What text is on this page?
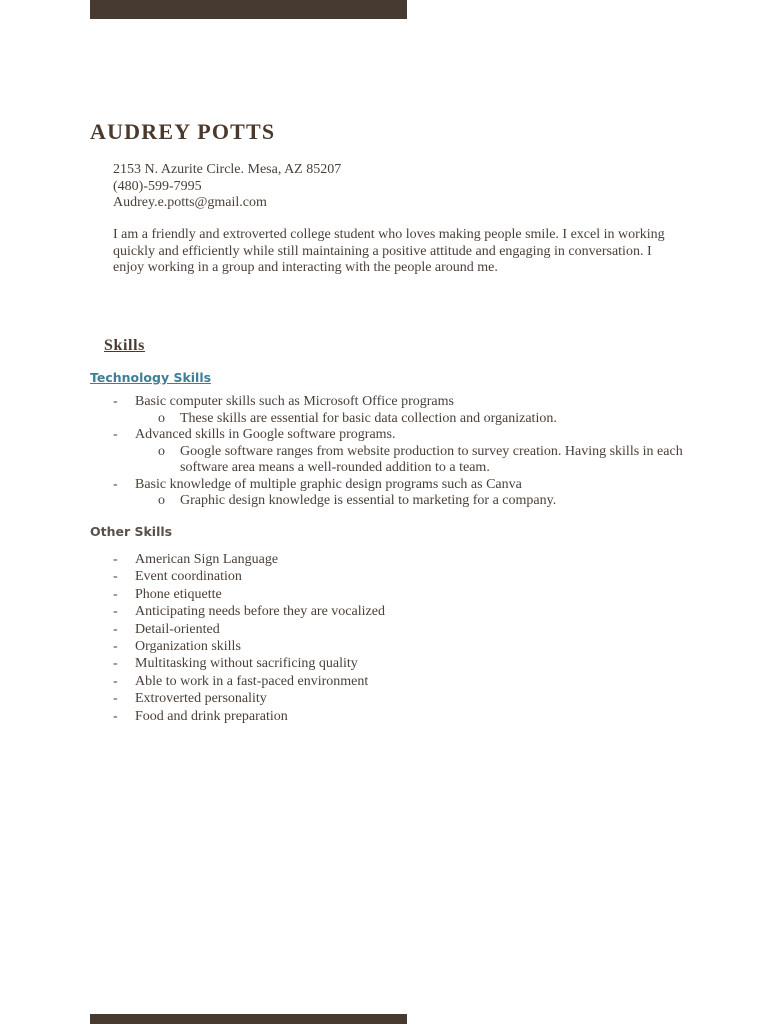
AUDREY POTTS
2153 N. Azurite Circle. Mesa, AZ 85207
(480)-599-7995
Audrey.e.potts@gmail.com

I am a friendly and extroverted college student who loves making people smile. I excel in working quickly and efficiently while still maintaining a positive attitude and engaging in conversation. I enjoy working in a group and interacting with the people around me.

Skills
Technology Skills
- Basic computer skills such as Microsoft Office programs
o These skills are essential for basic data collection and organization.
- Advanced skills in Google software programs.
o Google software ranges from website production to survey creation. Having skills in each software area means a well-rounded addition to a team.
- Basic knowledge of multiple graphic design programs such as Canva
o Graphic design knowledge is essential to marketing for a company.
Other Skills
- American Sign Language
- Event coordination
- Phone etiquette
- Anticipating needs before they are vocalized
- Detail-oriented
- Organization skills
- Multitasking without sacrificing quality
- Able to work in a fast-paced environment
- Extroverted personality
- Food and drink preparation
